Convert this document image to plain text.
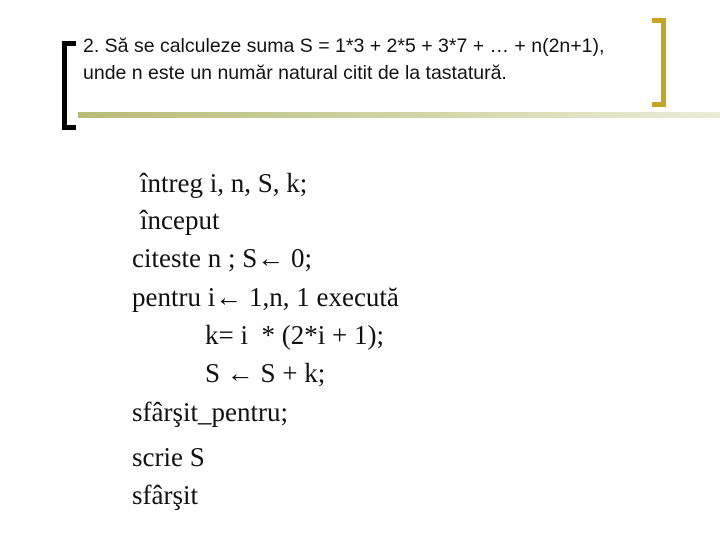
2. Să se calculeze suma S = 1*3 + 2*5 + 3*7 + … + n(2n+1), unde n este un număr natural citit de la tastatură.

întreg i, n, S, k;
început
citeste n ; S← 0;
pentru i← 1,n, 1 execută
k= i  * (2*i + 1);
S ← S + k;
sfârşit_pentru;
scrie S
sfârşit
